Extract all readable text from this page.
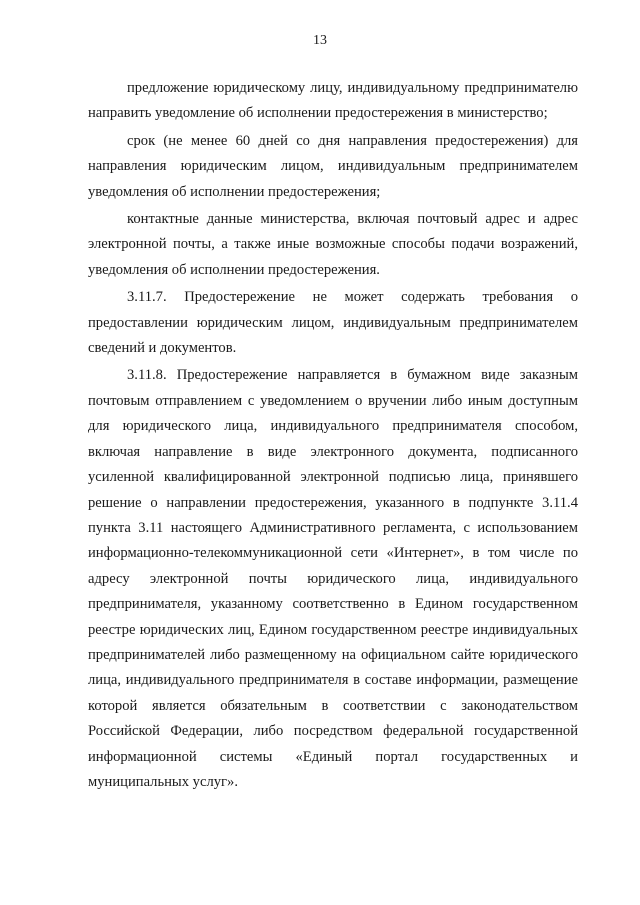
13

предложение юридическому лицу, индивидуальному предпринимателю направить уведомление об исполнении предостережения в министерство;

срок (не менее 60 дней со дня направления предостережения) для направления юридическим лицом, индивидуальным предпринимателем уведомления об исполнении предостережения;

контактные данные министерства, включая почтовый адрес и адрес электронной почты, а также иные возможные способы подачи возражений, уведомления об исполнении предостережения.

3.11.7. Предостережение не может содержать требования о предоставлении юридическим лицом, индивидуальным предпринимателем сведений и документов.

3.11.8. Предостережение направляется в бумажном виде заказным почтовым отправлением с уведомлением о вручении либо иным доступным для юридического лица, индивидуального предпринимателя способом, включая направление в виде электронного документа, подписанного усиленной квалифицированной электронной подписью лица, принявшего решение о направлении предостережения, указанного в подпункте 3.11.4 пункта 3.11 настоящего Административного регламента, с использованием информационно-телекоммуникационной сети «Интернет», в том числе по адресу электронной почты юридического лица, индивидуального предпринимателя, указанному соответственно в Едином государственном реестре юридических лиц, Едином государственном реестре индивидуальных предпринимателей либо размещенному на официальном сайте юридического лица, индивидуального предпринимателя в составе информации, размещение которой является обязательным в соответствии с законодательством Российской Федерации, либо посредством федеральной государственной информационной системы «Единый портал государственных и муниципальных услуг».
